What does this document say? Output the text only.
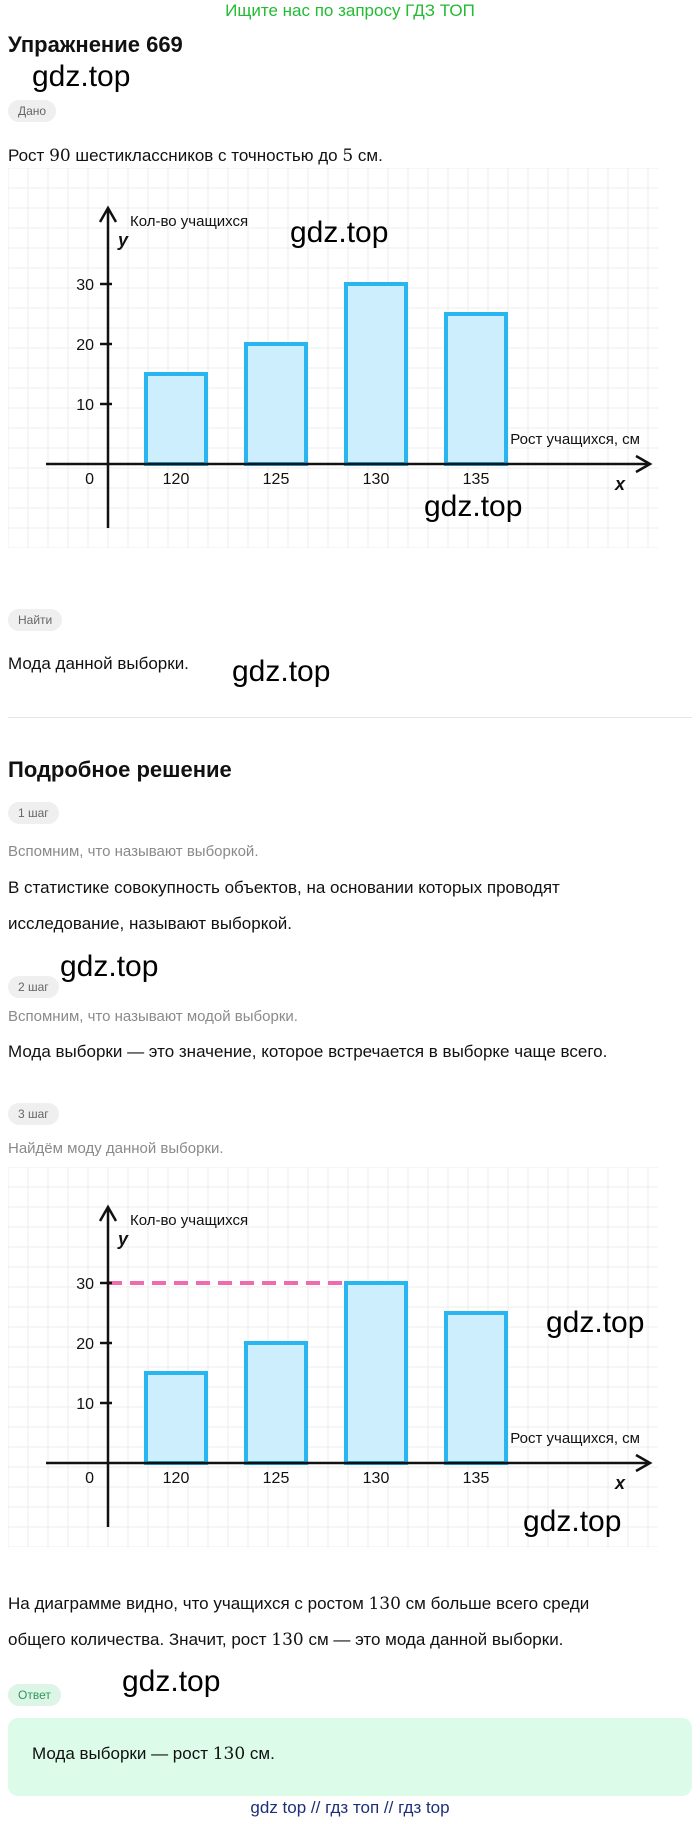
Ищите нас по запросу ГДЗ ТОП
Упражнение 669
gdz.top
Дано
Рост 90 шестиклассников с точностью до 5 см.
120	125	130	135
10
20
30
0
Кол-во учащихся
y
Рост учащихся, см
x
gdz.top
gdz.top
Найти
Мода данной выборки.	gdz.top
Подробное решение
1 шаг
Вспомним, что называют выборкой.
В статистике совокупность объектов, на основании которых проводят
исследование, называют выборкой.
2 шаг
gdz.top
Вспомним, что называют модой выборки.
Мода выборки — это значение, которое встречается в выборке чаще всего.
3 шаг
Найдём моду данной выборки.
120	125	130	135
10
20
30
0
Кол-во учащихся
y
Рост учащихся, см
x
gdz.top
gdz.top
На диаграмме видно, что учащихся с ростом 130 см больше всего среди
общего количества. Значит, рост 130 см — это мода данной выборки.
Ответ	gdz.top
Мода выборки — рост 130 см.
gdz top // гдз топ // гдз top
